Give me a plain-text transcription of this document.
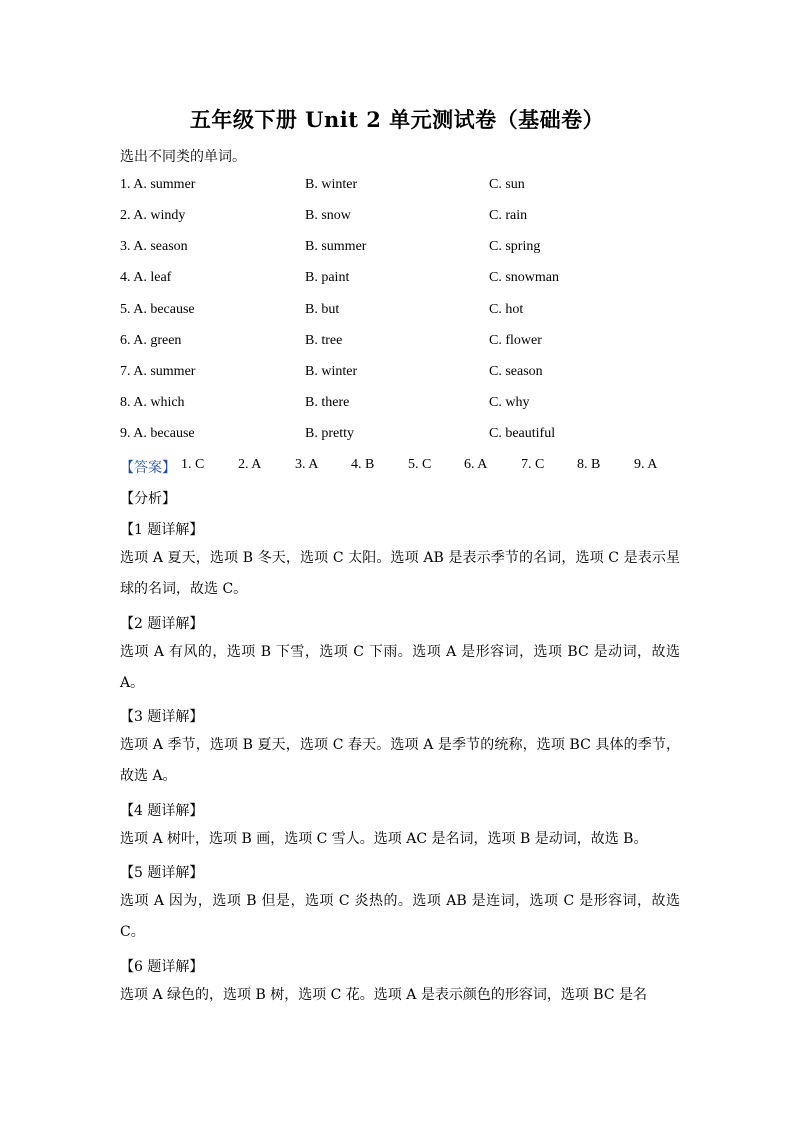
五年级下册 Unit 2 单元测试卷（基础卷）
选出不同类的单词。
1. A. summer	B. winter	C. sun
2. A. windy	B. snow	C. rain
3. A. season	B. summer	C. spring
4. A. leaf	B. paint	C. snowman
5. A. because	B. but	C. hot
6. A. green	B. tree	C. flower
7. A. summer	B. winter	C. season
8. A. which	B. there	C. why
9. A. because	B. pretty	C. beautiful
【答案】 1. C 2. A 3. A 4. B 5. C 6. A 7. C 8. B 9. A
【分析】
【1 题详解】
选项 A 夏天，选项 B 冬天，选项 C 太阳。选项 AB 是表示季节的名词，选项 C 是表示星球的名词，故选 C。
【2 题详解】
选项 A 有风的，选项 B 下雪，选项 C 下雨。选项 A 是形容词，选项 BC 是动词，故选 A。
【3 题详解】
选项 A 季节，选项 B 夏天，选项 C 春天。选项 A 是季节的统称，选项 BC 具体的季节，故选 A。
【4 题详解】
选项 A 树叶，选项 B 画，选项 C 雪人。选项 AC 是名词，选项 B 是动词，故选 B。
【5 题详解】
选项 A 因为，选项 B 但是，选项 C 炎热的。选项 AB 是连词，选项 C 是形容词，故选 C。
【6 题详解】
选项 A 绿色的，选项 B 树，选项 C 花。选项 A 是表示颜色的形容词，选项 BC 是名
